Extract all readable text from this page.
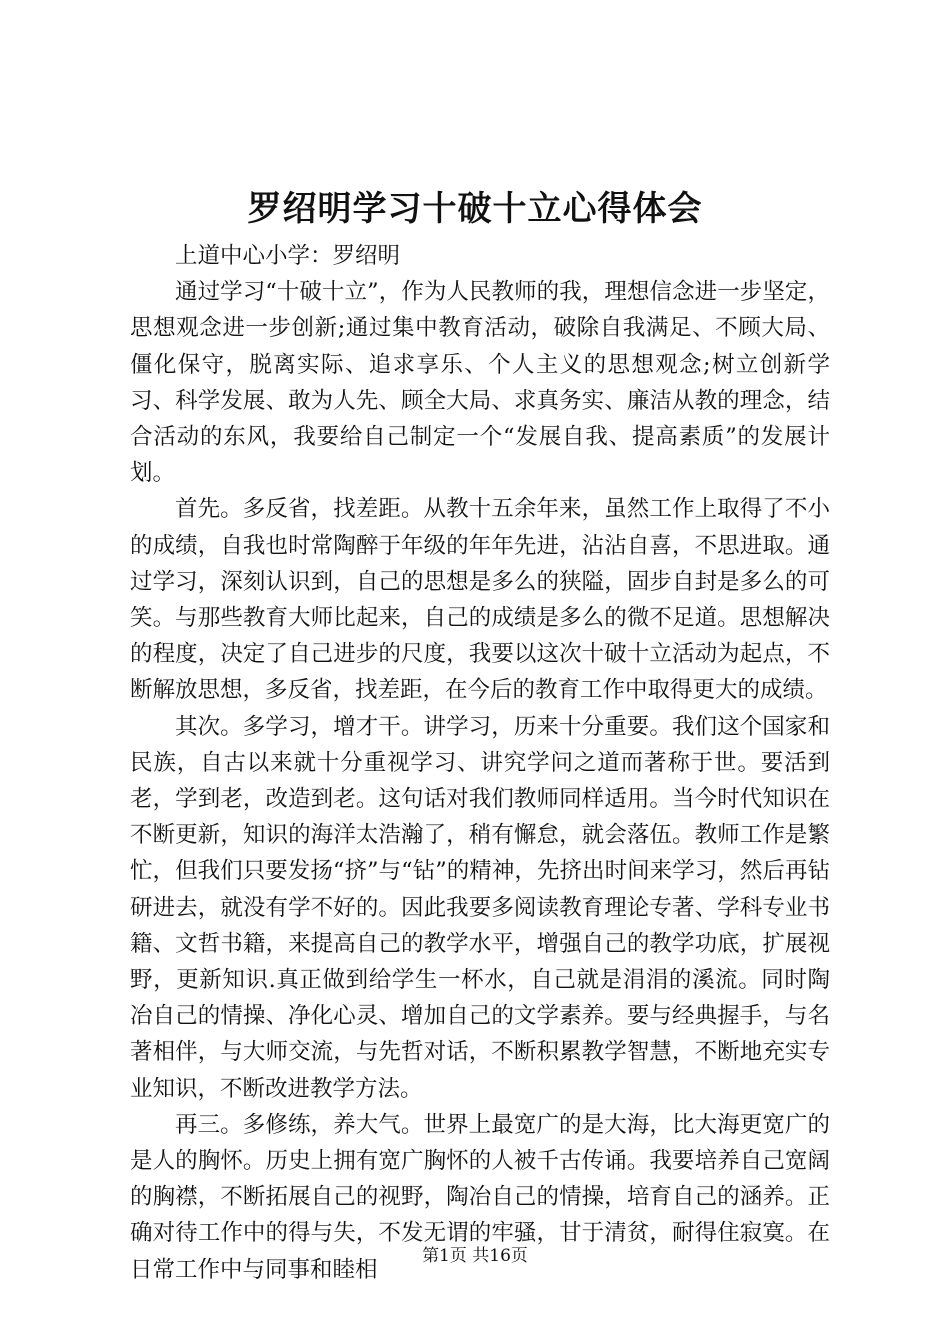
罗绍明学习十破十立心得体会
上道中心小学：罗绍明

通过学习“十破十立”，作为人民教师的我，理想信念进一步坚定，思想观念进一步创新;通过集中教育活动，破除自我满足、不顾大局、僵化保守，脱离实际、追求享乐、个人主义的思想观念;树立创新学习、科学发展、敢为人先、顾全大局、求真务实、廉洁从教的理念，结合活动的东风，我要给自己制定一个“发展自我、提高素质”的发展计划。

首先。多反省，找差距。从教十五余年来，虽然工作上取得了不小的成绩，自我也时常陶醉于年级的年年先进，沾沾自喜，不思进取。通过学习，深刻认识到，自己的思想是多么的狭隘，固步自封是多么的可笑。与那些教育大师比起来，自己的成绩是多么的微不足道。思想解决的程度，决定了自己进步的尺度，我要以这次十破十立活动为起点，不断解放思想，多反省，找差距，在今后的教育工作中取得更大的成绩。

其次。多学习，增才干。讲学习，历来十分重要。我们这个国家和民族，自古以来就十分重视学习、讲究学问之道而著称于世。要活到老，学到老，改造到老。这句话对我们教师同样适用。当今时代知识在不断更新，知识的海洋太浩瀚了，稍有懈怠，就会落伍。教师工作是繁忙，但我们只要发扬“挤”与“钻”的精神，先挤出时间来学习，然后再钻研进去，就没有学不好的。因此我要多阅读教育理论专著、学科专业书籍、文哲书籍，来提高自己的教学水平，增强自己的教学功底，扩展视野，更新知识.真正做到给学生一杯水，自己就是涓涓的溪流。同时陶冶自己的情操、净化心灵、增加自己的文学素养。要与经典握手，与名著相伴，与大师交流，与先哲对话，不断积累教学智慧，不断地充实专业知识，不断改进教学方法。

再三。多修练，养大气。世界上最宽广的是大海，比大海更宽广的是人的胸怀。历史上拥有宽广胸怀的人被千古传诵。我要培养自己宽阔的胸襟，不断拓展自己的视野，陶冶自己的情操，培育自己的涵养。正确对待工作中的得与失，不发无谓的牢骚，甘于清贫，耐得住寂寞。在日常工作中与同事和睦相

第1页 共16页
